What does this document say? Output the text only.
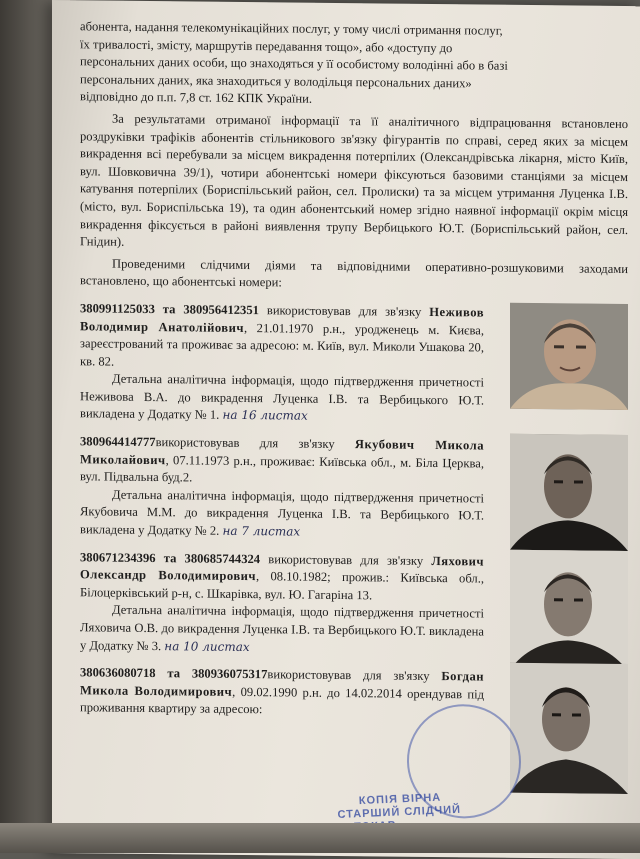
абонента, надання телекомунікаційних послуг, у тому числі отримання послуг,
їх тривалості, змісту, маршрутів передавання тощо», або «доступу до
персональних даних особи, що знаходяться у її особистому володінні або в базі
персональних даних, яка знаходиться у володільця персональних даних»
відповідно до п.п. 7,8 ст. 162 КПК України.

За результатами отриманої інформації та її аналітичного відпрацювання встановлено роздруківки трафіків абонентів стільникового зв'язку фігурантів по справі, серед яких за місцем викрадення всі перебували за місцем викрадення потерпілих (Олександрівська лікарня, місто Київ, вул. Шовковична 39/1), чотири абонентські номери фіксуються базовими станціями за місцем катування потерпілих (Бориспільський район, сел. Пролиски) та за місцем утримання Луценка І.В. (місто, вул. Бориспільська 19), та один абонентський номер згідно наявної інформації окрім місця викрадення фіксується в районі виявлення трупу Вербицького Ю.Т. (Бориспільський район, сел. Гнідин).

Проведеними слідчими діями та відповідними оперативно-розшуковими заходами встановлено, що абонентські номери:

380991125033 та 380956412351 використовував для зв'язку Неживов Володимир Анатолійович, 21.01.1970 р.н., уродженець м. Києва, зареєстрований та проживає за адресою: м. Київ, вул. Миколи Ушакова 20, кв. 82.
Детальна аналітична інформація, щодо підтвердження причетності Неживова В.А. до викрадення Луценка І.В. та Вербицького Ю.Т. викладена у Додатку № 1. на 16 листах
380964414777використовував для зв'язку Якубович Микола Миколайович, 07.11.1973 р.н., проживає: Київська обл., м. Біла Церква, вул. Підвальна буд.2.
Детальна аналітична інформація, щодо підтвердження причетності Якубовича М.М. до викрадення Луценка І.В. та Вербицького Ю.Т. викладена у Додатку № 2. на 7 листах
380671234396 та 380685744324 використовував для зв'язку Ляхович Олександр Володимирович, 08.10.1982; прожив.: Київська обл., Білоцерківський р-н, с. Шкарівка, вул. Ю. Гагаріна 13.
Детальна аналітична інформація, щодо підтвердження причетності Ляховича О.В. до викрадення Луценка І.В. та Вербицького Ю.Т. викладена у Додатку № 3. на 10 листах
380636080718 та 380936075317використовував для зв'язку Богдан Микола Володимирович, 09.02.1990 р.н. до 14.02.2014 орендував під проживання квартиру за адресою:
КОПІЯ ВІРНА
СТАРШИЙ СЛІДЧИЙ
